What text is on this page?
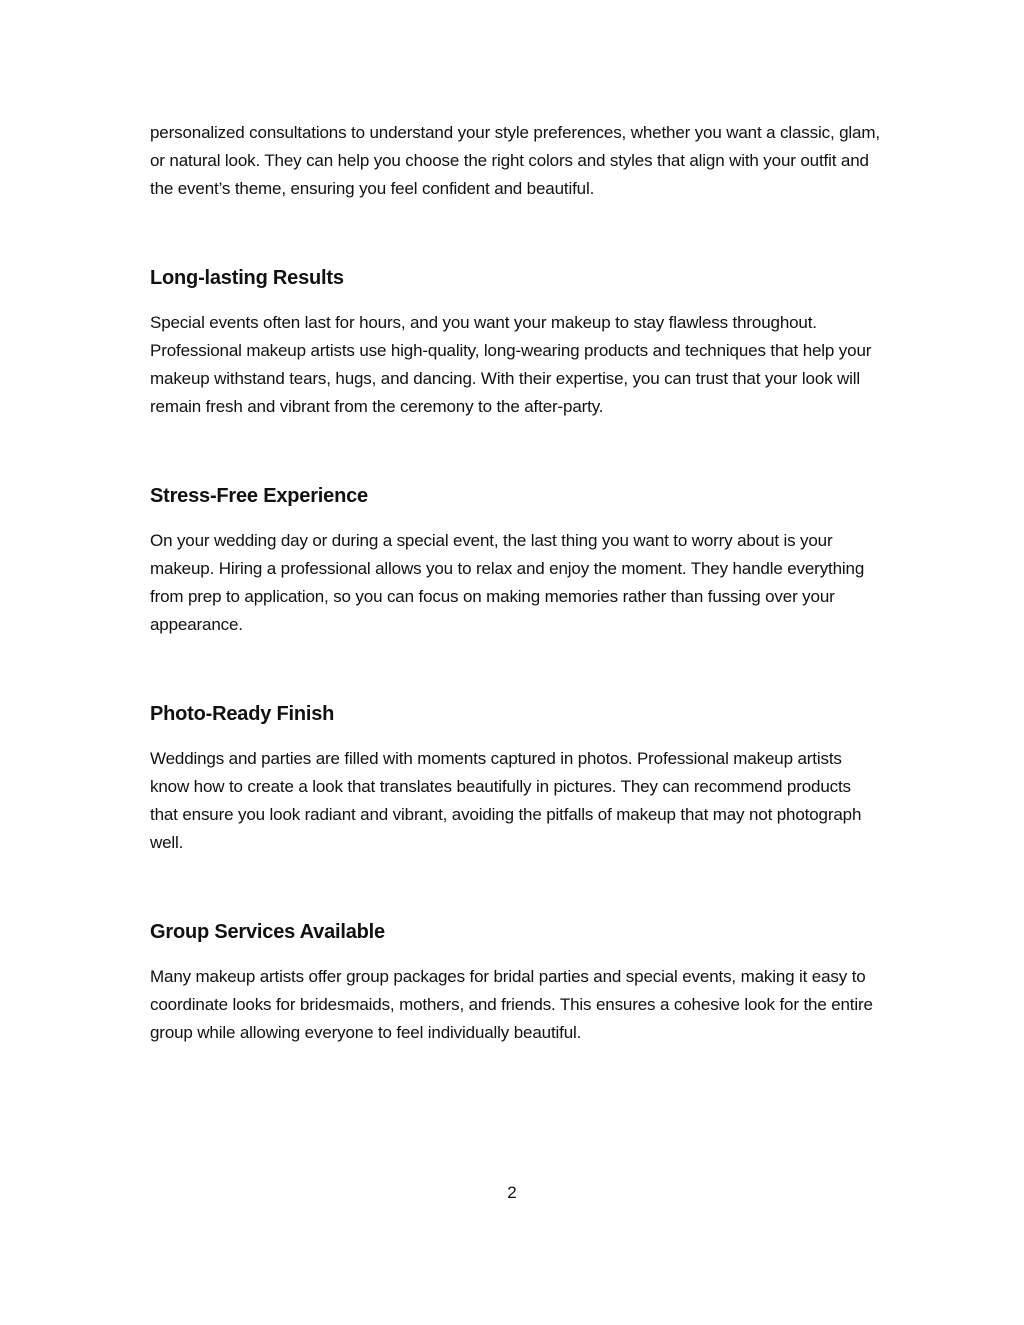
personalized consultations to understand your style preferences, whether you want a classic, glam, or natural look. They can help you choose the right colors and styles that align with your outfit and the event’s theme, ensuring you feel confident and beautiful.

Long-lasting Results

Special events often last for hours, and you want your makeup to stay flawless throughout. Professional makeup artists use high-quality, long-wearing products and techniques that help your makeup withstand tears, hugs, and dancing. With their expertise, you can trust that your look will remain fresh and vibrant from the ceremony to the after-party.

Stress-Free Experience

On your wedding day or during a special event, the last thing you want to worry about is your makeup. Hiring a professional allows you to relax and enjoy the moment. They handle everything from prep to application, so you can focus on making memories rather than fussing over your appearance.

Photo-Ready Finish

Weddings and parties are filled with moments captured in photos. Professional makeup artists know how to create a look that translates beautifully in pictures. They can recommend products that ensure you look radiant and vibrant, avoiding the pitfalls of makeup that may not photograph well.

Group Services Available

Many makeup artists offer group packages for bridal parties and special events, making it easy to coordinate looks for bridesmaids, mothers, and friends. This ensures a cohesive look for the entire group while allowing everyone to feel individually beautiful.

2
